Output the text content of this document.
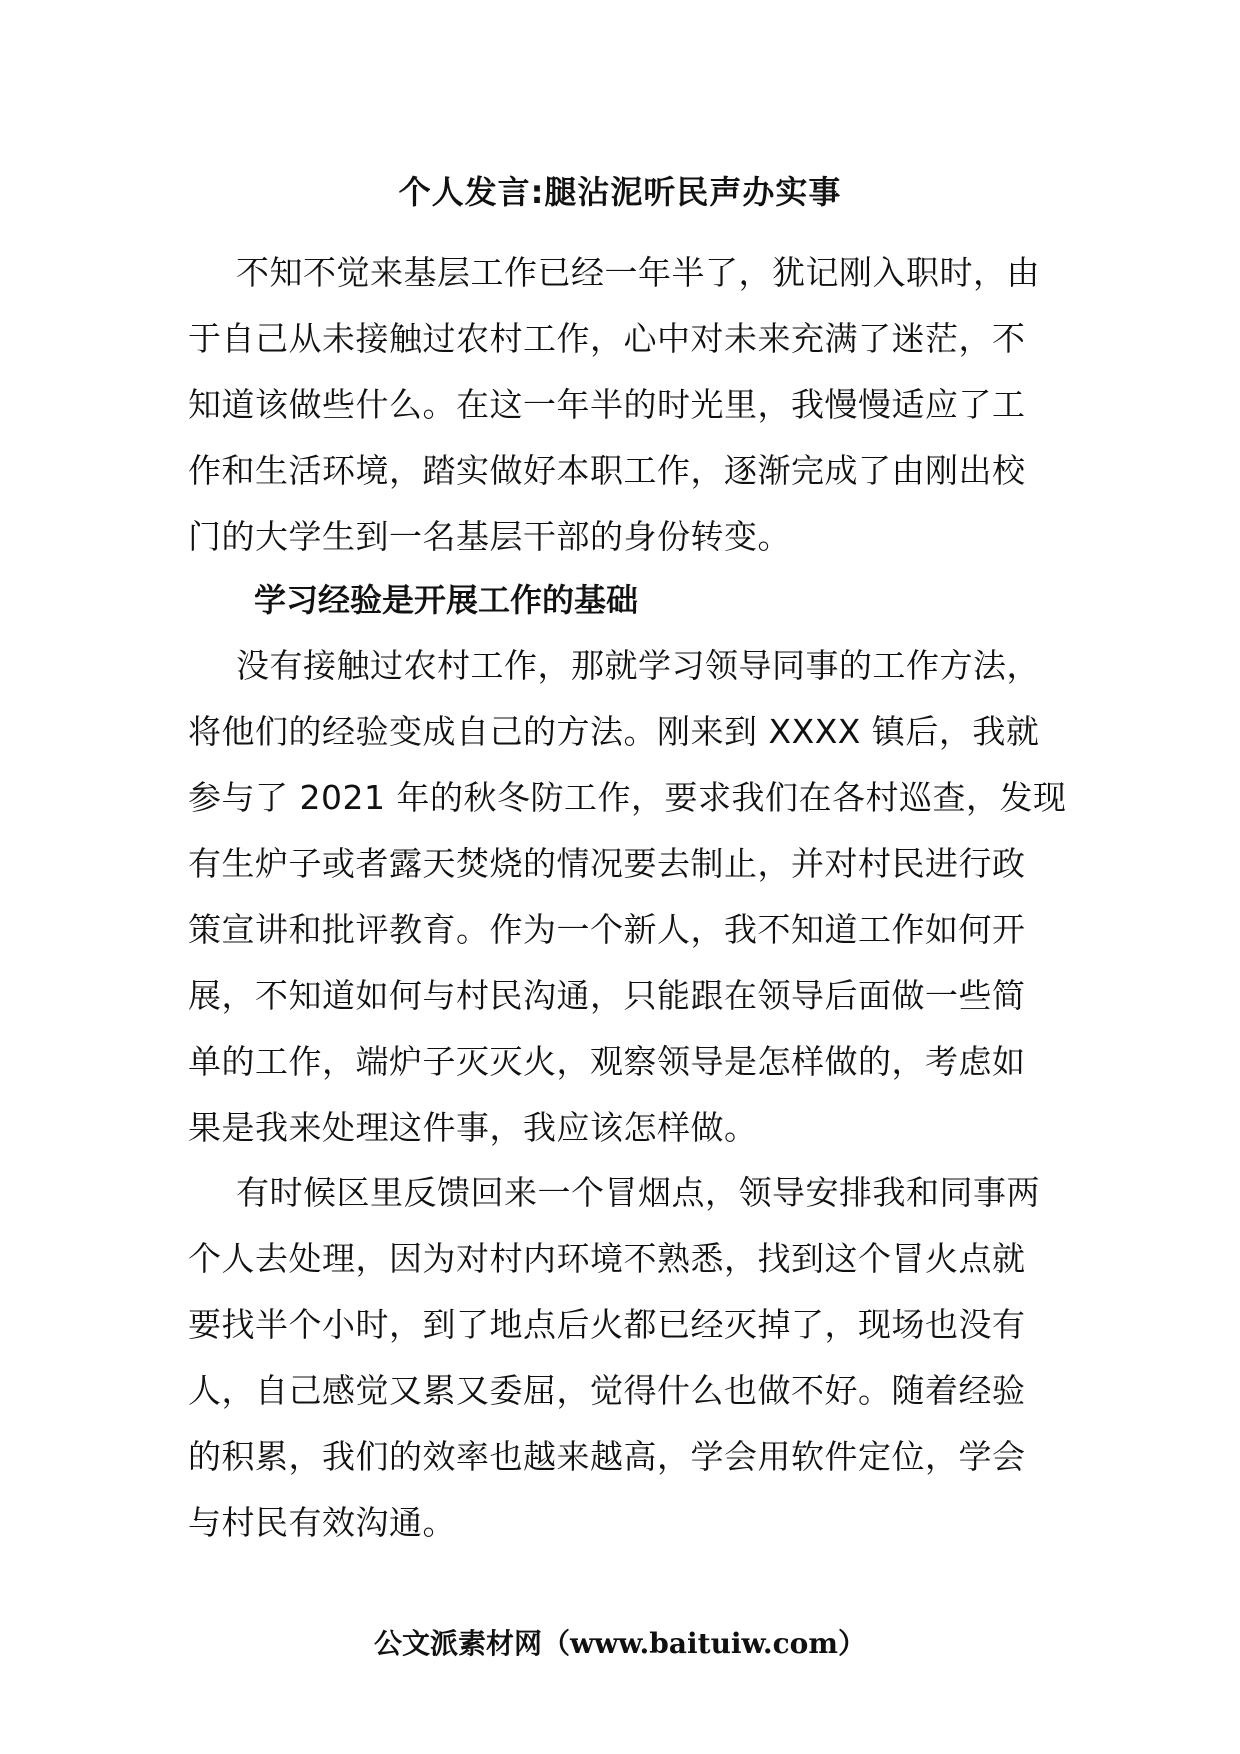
个人发言:腿沾泥听民声办实事
不知不觉来基层工作已经一年半了，犹记刚入职时，由
于自己从未接触过农村工作，心中对未来充满了迷茫，不
知道该做些什么。在这一年半的时光里，我慢慢适应了工
作和生活环境，踏实做好本职工作，逐渐完成了由刚出校
门的大学生到一名基层干部的身份转变。
学习经验是开展工作的基础
没有接触过农村工作，那就学习领导同事的工作方法，
将他们的经验变成自己的方法。刚来到 XXXX 镇后，我就
参与了 2021 年的秋冬防工作，要求我们在各村巡查，发现
有生炉子或者露天焚烧的情况要去制止，并对村民进行政
策宣讲和批评教育。作为一个新人，我不知道工作如何开
展，不知道如何与村民沟通，只能跟在领导后面做一些简
单的工作，端炉子灭灭火，观察领导是怎样做的，考虑如
果是我来处理这件事，我应该怎样做。
有时候区里反馈回来一个冒烟点，领导安排我和同事两
个人去处理，因为对村内环境不熟悉，找到这个冒火点就
要找半个小时，到了地点后火都已经灭掉了，现场也没有
人，自己感觉又累又委屈，觉得什么也做不好。随着经验
的积累，我们的效率也越来越高，学会用软件定位，学会
与村民有效沟通。
公文派素材网（www.baituiw.com）
